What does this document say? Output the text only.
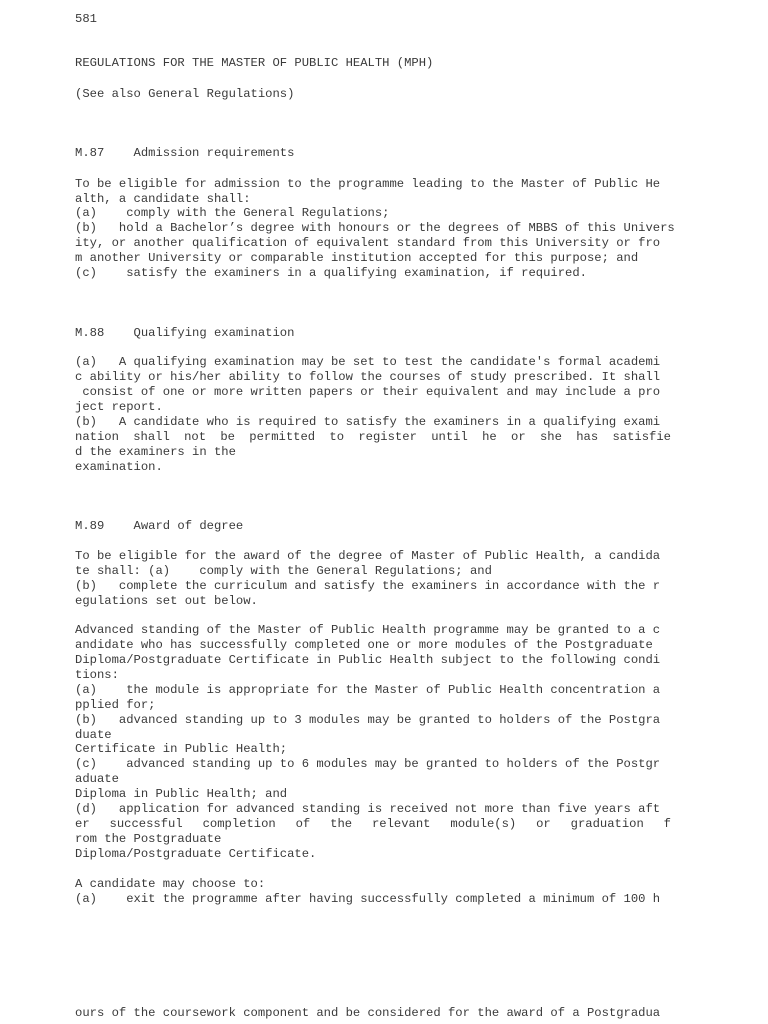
581
REGULATIONS FOR THE MASTER OF PUBLIC HEALTH (MPH)
(See also General Regulations)
M.87    Admission requirements
To be eligible for admission to the programme leading to the Master of Public He
alth, a candidate shall:
(a)    comply with the General Regulations;
(b)   hold a Bachelor’s degree with honours or the degrees of MBBS of this Univers
ity, or another qualification of equivalent standard from this University or fro
m another University or comparable institution accepted for this purpose; and
(c)    satisfy the examiners in a qualifying examination, if required.
M.88    Qualifying examination
(a)   A qualifying examination may be set to test the candidate's formal academi
c ability or his/her ability to follow the courses of study prescribed. It shall
consist of one or more written papers or their equivalent and may include a pro
ject report.
(b)   A candidate who is required to satisfy the examiners in a qualifying exami
nation shall not be permitted to register until he or she has satisfie
d the examiners in the
examination.
M.89    Award of degree
To be eligible for the award of the degree of Master of Public Health, a candida
te shall: (a)    comply with the General Regulations; and
(b)   complete the curriculum and satisfy the examiners in accordance with the r
egulations set out below.
Advanced standing of the Master of Public Health programme may be granted to a c
andidate who has successfully completed one or more modules of the Postgraduate
Diploma/Postgraduate Certificate in Public Health subject to the following condi
tions:
(a)    the module is appropriate for the Master of Public Health concentration a
pplied for;
(b)   advanced standing up to 3 modules may be granted to holders of the Postgra
duate
Certificate in Public Health;
(c)    advanced standing up to 6 modules may be granted to holders of the Postgr
aduate
Diploma in Public Health; and
(d)   application for advanced standing is received not more than five years aft
er successful completion of the relevant module(s) or graduation f
rom the Postgraduate
Diploma/Postgraduate Certificate.
A candidate may choose to:
(a)    exit the programme after having successfully completed a minimum of 100 h
ours of the coursework component and be considered for the award of a Postgradua
